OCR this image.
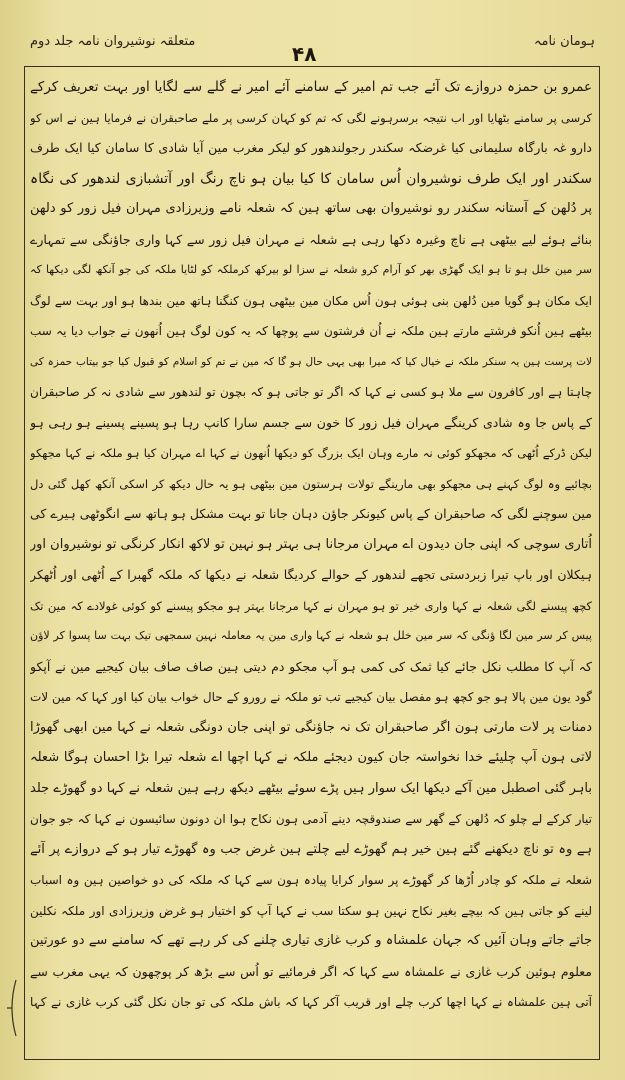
متعلقہ نوشیروان نامہ جلد دوم
۴۸
ہومان نامہ
عمرو بن حمزہ دروازے تک آئے جب تم امیر کے سامنے آئے امیر نے گلے سے لگایا اور بہت تعریف کرکے
کرسی پر سامنے بٹھایا اور اب نتیجہ برسرہونے لگی کہ تم کو کہان کرسی پر ملے صاحبقران نے فرمایا ہین نے اس کو
دارو غہ بارگاہ سلیمانی کیا غرضکہ سکندر رجولندھور کو لیکر مغرب مین آیا شادی کا سامان کیا ایک طرف
سکندر اور ایک طرف نوشیروان اُس سامان کا کیا بیان ہو ناچ رنگ اور آتشبازی لندھور کی نگاہ
پر دُلھن کے آستانہ سکندر رو نوشیروان بھی ساتھ ہین کہ شعلہ نامے وزیرزادی مہران فیل زور کو دلھن
بنائے ہوئے لیے بیٹھی ہے ناچ وغیرہ دکھا رہی ہے شعلہ نے مہران فیل زور سے کہا واری جاؤنگی سے تمہارے
سر مین خلل ہو تا ہو ایک گھڑی بھر کو آرام کرو شعلہ نے سزا لو بیرکھ کرملکہ کو لٹایا ملکہ کی جو آنکھ لگی دیکھا کہ
ایک مکان ہو گویا مین دُلھن بنی ہوئی ہون اُس مکان مین بیٹھی ہون کنگنا ہاتھ مین بندھا ہو اور بہت سے لوگ
بیٹھے ہین اُنکو فرشتے مارتے ہین ملکہ نے اُن فرشتون سے پوچھا کہ یہ کون لوگ ہین اُنھون نے جواب دیا یہ سب
لات پرست ہین یہ سنکر ملکہ نے خیال کیا کہ میرا بھی یہی حال ہو گا کہ مین نے تم کو اسلام کو قبول کیا جو بیتاب حمزہ کی
چاہتا ہے اور کافرون سے ملا ہو کسی نے کہا کہ اگر تو جاتی ہو کہ بچون تو لندھور سے شادی نہ کر صاحبقران
کے پاس جا وہ شادی کرینگے مہران فیل زور کا خون سے جسم سارا کانپ رہا ہو پسینے پسینے ہو رہی ہو
لیکن ڈرکے اُٹھی کہ مجھکو کوئی نہ مارے وہان ایک بزرگ کو دیکھا اُنھون نے کہا اے مہران کیا ہو ملکہ نے کہا مجھکو
بچائیے وہ لوگ کہنے ہی مجھکو بھی مارینگے تولات ہرستون مین بیٹھی ہو یہ حال دیکھ کر اسکی آنکھ کھل گئی دل
مین سوچنے لگی کہ صاحبقران کے پاس کیونکر جاؤن دہان جانا تو بہت مشکل ہو ہاتھ سے انگوٹھی ہیرے کی
اُتاری سوچی کہ اپنی جان دیدون اے مہران مرجانا ہی بہتر ہو نہین تو لاکھ انکار کرنگی تو نوشیروان اور
ہیکلان اور باپ تیرا زبردستی تجھے لندھور کے حوالے کردیگا شعلہ نے دیکھا کہ ملکہ گھبرا کے اُٹھی اور اُٹھکر
کچھ پیسنے لگی شعلہ نے کہا واری خیر تو ہو مہران نے کہا مرجانا بہتر ہو مجکو پیسنے کو کوئی غولادے کہ مین تک
پیس کر سر مین لگا ؤنگی کہ سر مین خلل ہو شعلہ نے کہا واری مین یہ معاملہ نہین سمجھی تیک بہت سا پسوا کر لاؤن
کہ آپ کا مطلب نکل جائے کیا ثمک کی کمی ہو آپ مجکو دم دیتی ہین صاف صاف بیان کیجیے مین نے آپکو
گود یون مین پالا ہو جو کچھ ہو مفصل بیان کیجیے تب تو ملکہ نے رورو کے حال خواب بیان کیا اور کہا کہ مین لات
دمنات پر لات مارتی ہون اگر صاحبقران تک نہ جاؤنگی تو اپنی جان دونگی شعلہ نے کہا مین ابھی گھوڑا
لاتی ہون آپ چلیئے خدا نخواستہ جان کیون دیجئے ملکہ نے کہا اچھا اے شعلہ تیرا بڑا احسان ہوگا شعلہ
باہر گئی اصطبل مین آکے دیکھا ایک سوار ہیں پڑے سوئے بیٹھے دیکھ رہے ہین شعلہ نے کہا دو گھوڑے جلد
تیار کرکے لے چلو کہ دُلھن کے گھر سے صندوقچہ دینے آدمی ہون نکاح ہوا ان دونون سائیسون نے کہا کہ جو جوان
ہے وہ تو ناچ دیکھنے گئے ہین خیر ہم گھوڑے لیے چلتے ہین غرض جب وہ گھوڑے تیار ہو کے دروازے پر آئے
شعلہ نے ملکہ کو چادر اُڑھا کر گھوڑے پر سوار کرایا پیادہ ہون سے کہا کہ ملکہ کی دو خواصین ہین وہ اسباب
لینے کو جاتی ہین کہ بیچے بغیر نکاح نہین ہو سکتا سب نے کہا آپ کو اختیار ہو غرض وزیرزادی اور ملکہ نکلین
جاتے جاتے وہان آئیں کہ جہان علمشاہ و کرب غازی تیاری چلنے کی کر رہے تھے کہ سامنے سے دو عورتین
معلوم ہوئین کرب غازی نے علمشاہ سے کہا کہ اگر فرمائیے تو اُس سے بڑھ کر پوچھون کہ یہی مغرب سے
آتی ہین علمشاہ نے کہا اچھا کرب چلے اور قریب آکر کہا کہ باش ملکہ کی تو جان نکل گئی کرب غازی نے کہا
